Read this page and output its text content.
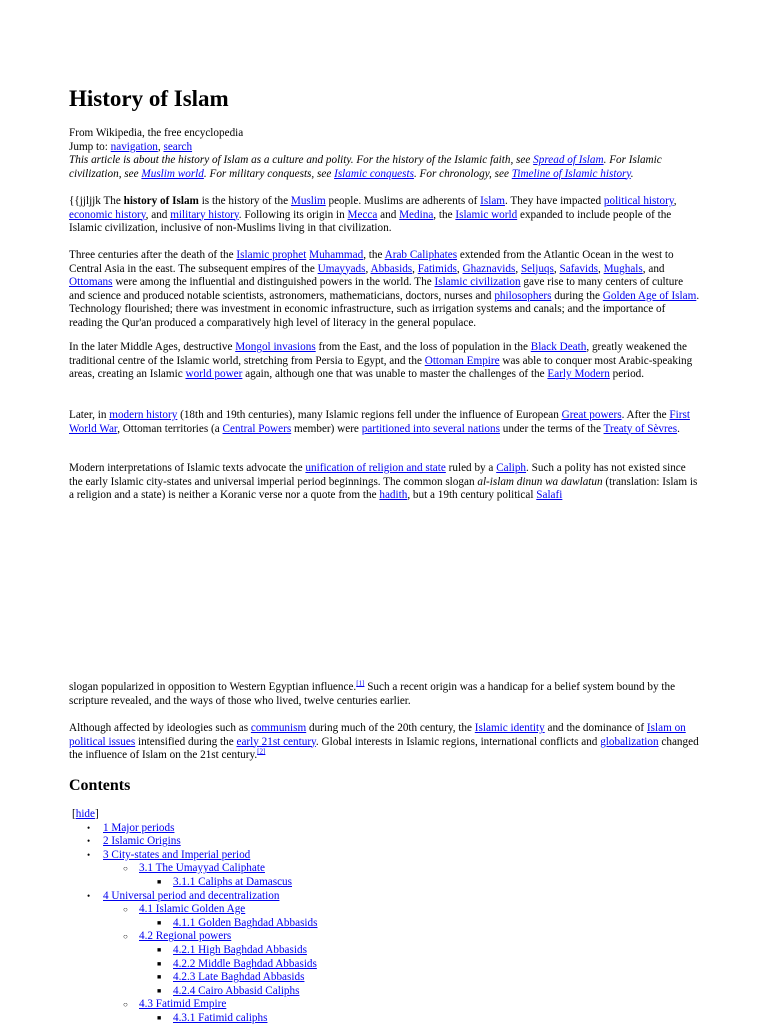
History of Islam
From Wikipedia, the free encyclopedia
Jump to: navigation, search

This article is about the history of Islam as a culture and polity. For the history of the Islamic faith, see Spread of Islam. For Islamic civilization, see Muslim world. For military conquests, see Islamic conquests. For chronology, see Timeline of Islamic history.

{{jjljjk The history of Islam is the history of the Muslim people. Muslims are adherents of Islam. They have impacted political history, economic history, and military history. Following its origin in Mecca and Medina, the Islamic world expanded to include people of the Islamic civilization, inclusive of non-Muslims living in that civilization.

Three centuries after the death of the Islamic prophet Muhammad, the Arab Caliphates extended from the Atlantic Ocean in the west to Central Asia in the east. The subsequent empires of the Umayyads, Abbasids, Fatimids, Ghaznavids, Seljuqs, Safavids, Mughals, and Ottomans were among the influential and distinguished powers in the world. The Islamic civilization gave rise to many centers of culture and science and produced notable scientists, astronomers, mathematicians, doctors, nurses and philosophers during the Golden Age of Islam. Technology flourished; there was investment in economic infrastructure, such as irrigation systems and canals; and the importance of reading the Qur'an produced a comparatively high level of literacy in the general populace.

In the later Middle Ages, destructive Mongol invasions from the East, and the loss of population in the Black Death, greatly weakened the traditional centre of the Islamic world, stretching from Persia to Egypt, and the Ottoman Empire was able to conquer most Arabic-speaking areas, creating an Islamic world power again, although one that was unable to master the challenges of the Early Modern period.

Later, in modern history (18th and 19th centuries), many Islamic regions fell under the influence of European Great powers. After the First World War, Ottoman territories (a Central Powers member) were partitioned into several nations under the terms of the Treaty of Sèvres.

Modern interpretations of Islamic texts advocate the unification of religion and state ruled by a Caliph. Such a polity has not existed since the early Islamic city-states and universal imperial period beginnings. The common slogan al-islam dinun wa dawlatun (translation: Islam is a religion and a state) is neither a Koranic verse nor a quote from the hadith, but a 19th century political Salafi

slogan popularized in opposition to Western Egyptian influence.[1] Such a recent origin was a handicap for a belief system bound by the scripture revealed, and the ways of those who lived, twelve centuries earlier.

Although affected by ideologies such as communism during much of the 20th century, the Islamic identity and the dominance of Islam on political issues intensified during the early 21st century. Global interests in Islamic regions, international conflicts and globalization changed the influence of Islam on the 21st century.[2]

Contents
[hide]
• 1 Major periods
• 2 Islamic Origins
• 3 City-states and Imperial period
○ 3.1 The Umayyad Caliphate
■ 3.1.1 Caliphs at Damascus
• 4 Universal period and decentralization
○ 4.1 Islamic Golden Age
■ 4.1.1 Golden Baghdad Abbasids
○ 4.2 Regional powers
■ 4.2.1 High Baghdad Abbasids
■ 4.2.2 Middle Baghdad Abbasids
■ 4.2.3 Late Baghdad Abbasids
■ 4.2.4 Cairo Abbasid Caliphs
○ 4.3 Fatimid Empire
■ 4.3.1 Fatimid caliphs
